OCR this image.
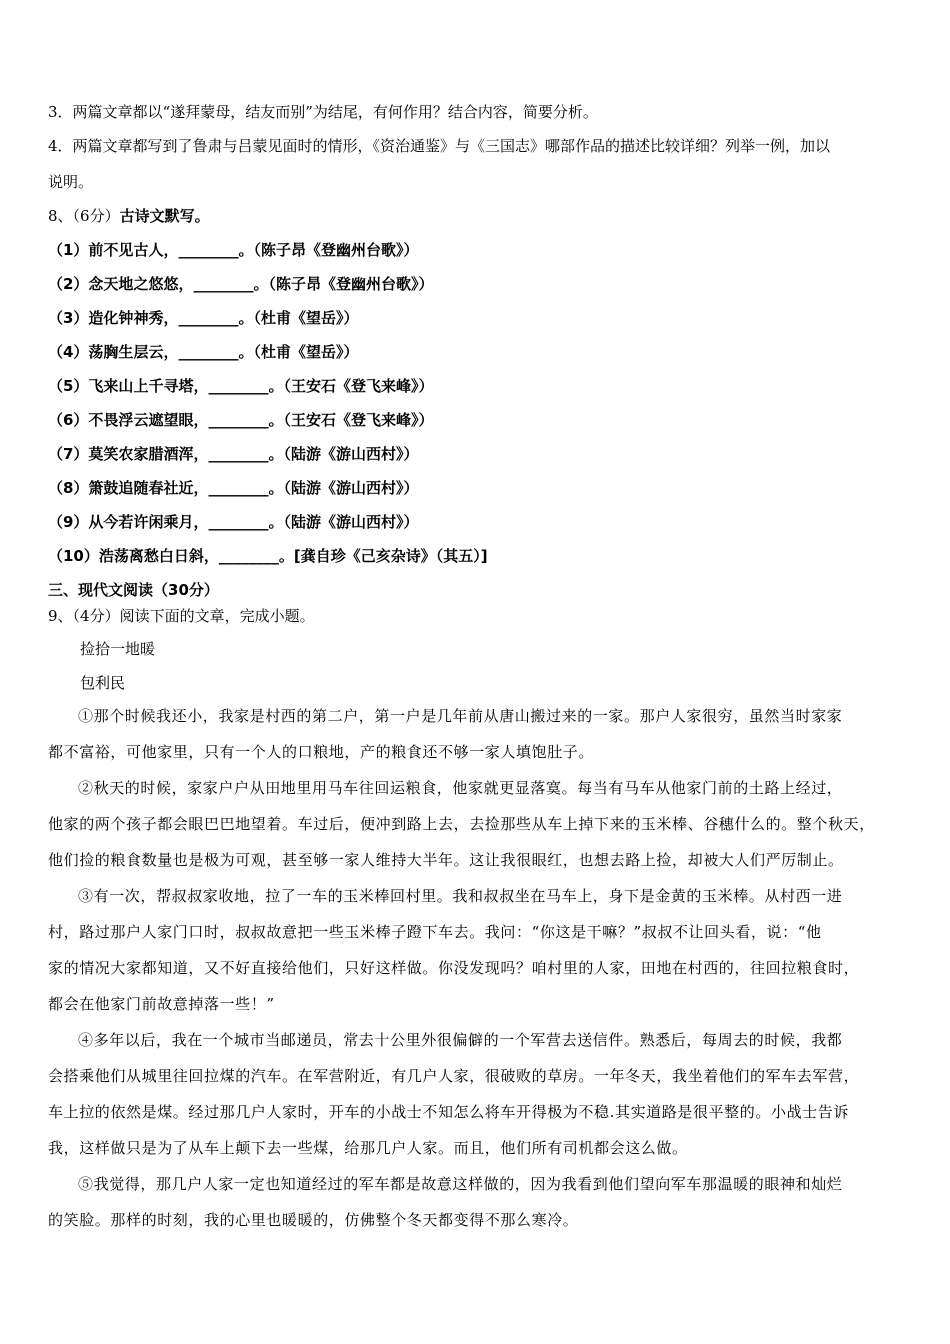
3．两篇文章都以“遂拜蒙母，结友而别”为结尾，有何作用？结合内容，简要分析。
4．两篇文章都写到了鲁肃与吕蒙见面时的情形，《资治通鉴》与《三国志》哪部作品的描述比较详细？列举一例，加以
说明。
8、（6分）古诗文默写。
（1）前不见古人，________。（陈子昂《登幽州台歌》）
（2）念天地之悠悠，________。（陈子昂《登幽州台歌》）
（3）造化钟神秀，________。（杜甫《望岳》）
（4）荡胸生层云，________。（杜甫《望岳》）
（5）飞来山上千寻塔，________。（王安石《登飞来峰》）
（6）不畏浮云遮望眼，________。（王安石《登飞来峰》）
（7）莫笑农家腊酒浑，________。（陆游《游山西村》）
（8）箫鼓追随春社近，________。（陆游《游山西村》）
（9）从今若许闲乘月，________。（陆游《游山西村》）
（10）浩荡离愁白日斜，________。[龚自珍《己亥杂诗》（其五）]
三、现代文阅读（30分）
9、（4分）阅读下面的文章，完成小题。
捡拾一地暖
包利民
①那个时候我还小，我家是村西的第二户，第一户是几年前从唐山搬过来的一家。那户人家很穷，虽然当时家家
都不富裕，可他家里，只有一个人的口粮地，产的粮食还不够一家人填饱肚子。
②秋天的时候，家家户户从田地里用马车往回运粮食，他家就更显落寞。每当有马车从他家门前的土路上经过，
他家的两个孩子都会眼巴巴地望着。车过后，便冲到路上去，去捡那些从车上掉下来的玉米棒、谷穗什么的。整个秋天，
他们捡的粮食数量也是极为可观，甚至够一家人维持大半年。这让我很眼红，也想去路上捡，却被大人们严厉制止。
③有一次，帮叔叔家收地，拉了一车的玉米棒回村里。我和叔叔坐在马车上，身下是金黄的玉米棒。从村西一进
村，路过那户人家门口时，叔叔故意把一些玉米棒子蹬下车去。我问：“你这是干嘛？”叔叔不让回头看，说：“他
家的情况大家都知道，又不好直接给他们，只好这样做。你没发现吗？咱村里的人家，田地在村西的，往回拉粮食时，
都会在他家门前故意掉落一些！”
④多年以后，我在一个城市当邮递员，常去十公里外很偏僻的一个军营去送信件。熟悉后，每周去的时候，我都
会搭乘他们从城里往回拉煤的汽车。在军营附近，有几户人家，很破败的草房。一年冬天，我坐着他们的军车去军营，
车上拉的依然是煤。经过那几户人家时，开车的小战士不知怎么将车开得极为不稳.其实道路是很平整的。小战士告诉
我，这样做只是为了从车上颠下去一些煤，给那几户人家。而且，他们所有司机都会这么做。
⑤我觉得，那几户人家一定也知道经过的军车都是故意这样做的，因为我看到他们望向军车那温暖的眼神和灿烂
的笑脸。那样的时刻，我的心里也暖暖的，仿佛整个冬天都变得不那么寒冷。
